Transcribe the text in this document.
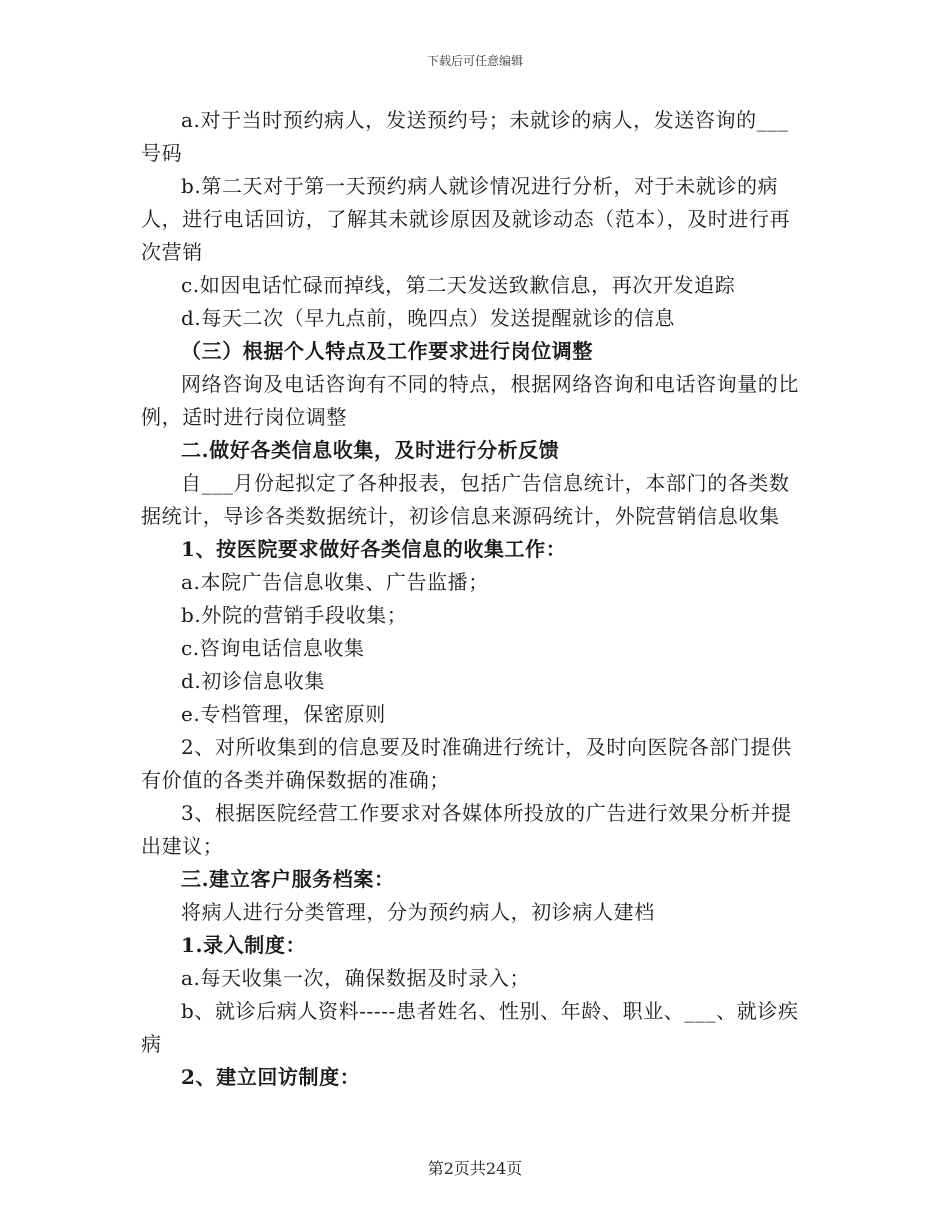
下载后可任意编辑

a.对于当时预约病人，发送预约号；未就诊的病人，发送咨询的___号码

b.第二天对于第一天预约病人就诊情况进行分析，对于未就诊的病人，进行电话回访，了解其未就诊原因及就诊动态（范本），及时进行再次营销

c.如因电话忙碌而掉线，第二天发送致歉信息，再次开发追踪

d.每天二次（早九点前，晚四点）发送提醒就诊的信息

（三）根据个人特点及工作要求进行岗位调整

网络咨询及电话咨询有不同的特点，根据网络咨询和电话咨询量的比例，适时进行岗位调整

二.做好各类信息收集，及时进行分析反馈

自___月份起拟定了各种报表，包括广告信息统计，本部门的各类数据统计，导诊各类数据统计，初诊信息来源码统计，外院营销信息收集

1、按医院要求做好各类信息的收集工作：

a.本院广告信息收集、广告监播；

b.外院的营销手段收集；

c.咨询电话信息收集

d.初诊信息收集

e.专档管理，保密原则

2、对所收集到的信息要及时准确进行统计，及时向医院各部门提供有价值的各类并确保数据的准确；

3、根据医院经营工作要求对各媒体所投放的广告进行效果分析并提出建议；

三.建立客户服务档案：

将病人进行分类管理，分为预约病人，初诊病人建档

1.录入制度：

a.每天收集一次，确保数据及时录入；

b、就诊后病人资料-----患者姓名、性别、年龄、职业、___、就诊疾病

2、建立回访制度：

第2页共24页
